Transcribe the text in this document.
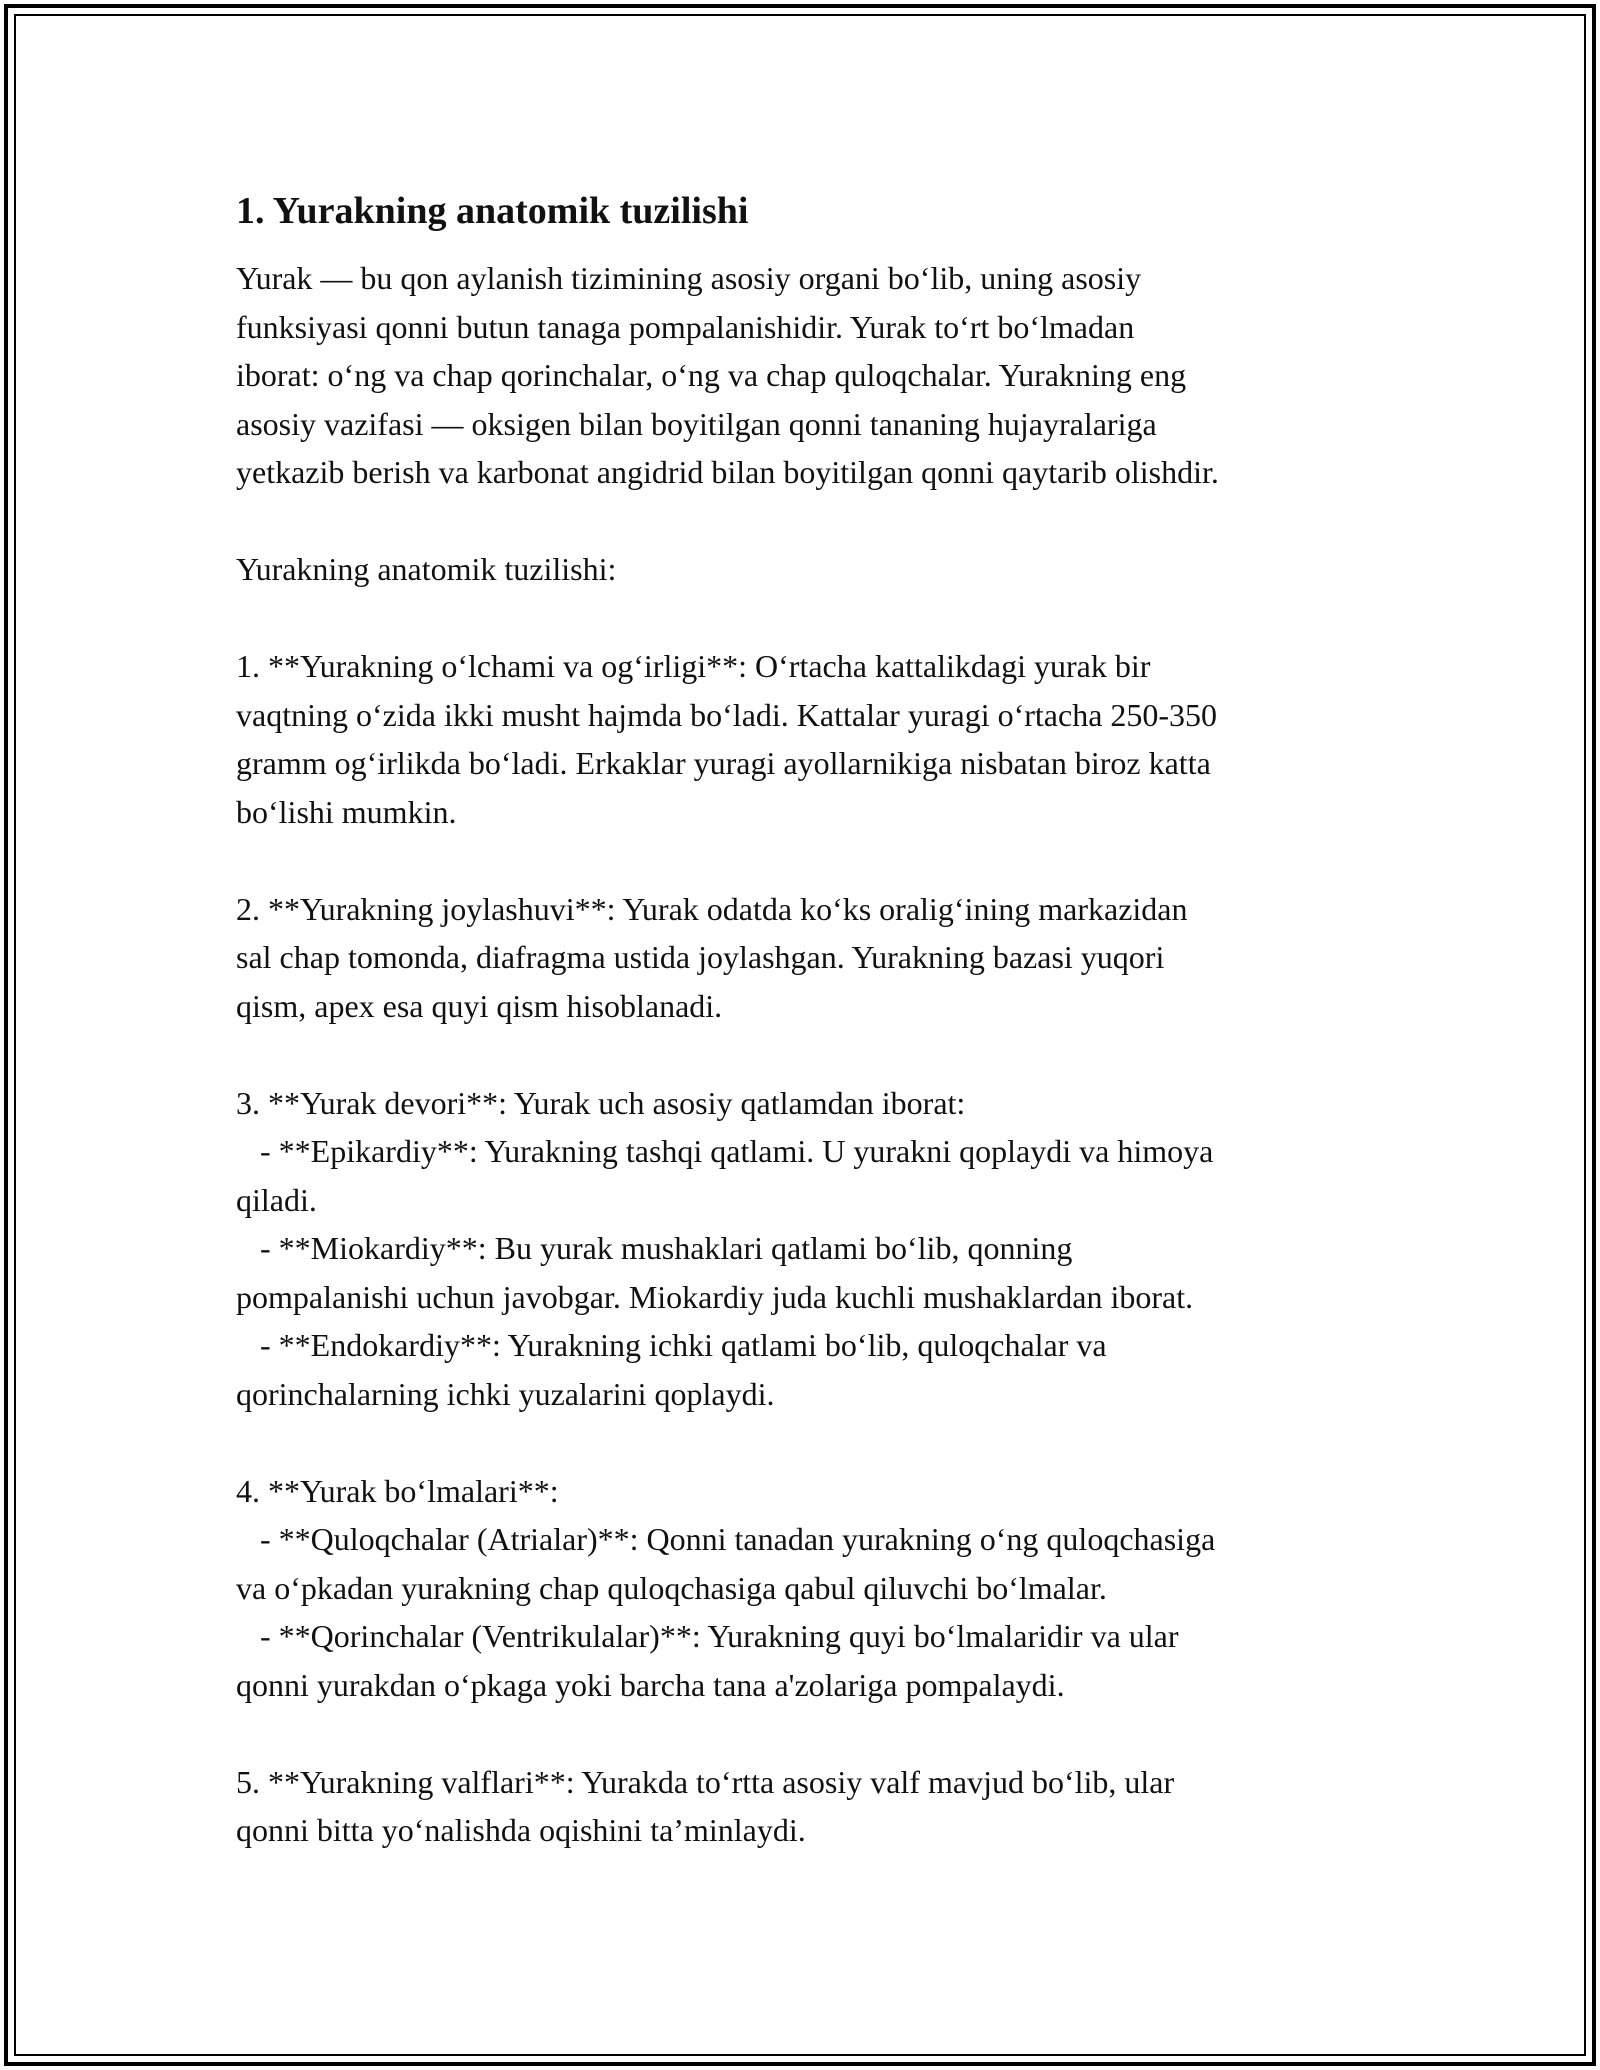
1. Yurakning anatomik tuzilishi
Yurak — bu qon aylanish tizimining asosiy organi bo‘lib, uning asosiy
funksiyasi qonni butun tanaga pompalanishidir. Yurak to‘rt bo‘lmadan
iborat: o‘ng va chap qorinchalar, o‘ng va chap quloqchalar. Yurakning eng
asosiy vazifasi — oksigen bilan boyitilgan qonni tananing hujayralariga
yetkazib berish va karbonat angidrid bilan boyitilgan qonni qaytarib olishdir.
Yurakning anatomik tuzilishi:
1. **Yurakning o‘lchami va og‘irligi**: O‘rtacha kattalikdagi yurak bir
vaqtning o‘zida ikki musht hajmda bo‘ladi. Kattalar yuragi o‘rtacha 250-350
gramm og‘irlikda bo‘ladi. Erkaklar yuragi ayollarnikiga nisbatan biroz katta
bo‘lishi mumkin.
2. **Yurakning joylashuvi**: Yurak odatda ko‘ks oralig‘ining markazidan
sal chap tomonda, diafragma ustida joylashgan. Yurakning bazasi yuqori
qism, apex esa quyi qism hisoblanadi.
3. **Yurak devori**: Yurak uch asosiy qatlamdan iborat:
- **Epikardiy**: Yurakning tashqi qatlami. U yurakni qoplaydi va himoya
qiladi.
- **Miokardiy**: Bu yurak mushaklari qatlami bo‘lib, qonning
pompalanishi uchun javobgar. Miokardiy juda kuchli mushaklardan iborat.
- **Endokardiy**: Yurakning ichki qatlami bo‘lib, quloqchalar va
qorinchalarning ichki yuzalarini qoplaydi.
4. **Yurak bo‘lmalari**:
- **Quloqchalar (Atrialar)**: Qonni tanadan yurakning o‘ng quloqchasiga
va o‘pkadan yurakning chap quloqchasiga qabul qiluvchi bo‘lmalar.
- **Qorinchalar (Ventrikulalar)**: Yurakning quyi bo‘lmalaridir va ular
qonni yurakdan o‘pkaga yoki barcha tana a'zolariga pompalaydi.
5. **Yurakning valflari**: Yurakda to‘rtta asosiy valf mavjud bo‘lib, ular
qonni bitta yo‘nalishda oqishini ta’minlaydi.
